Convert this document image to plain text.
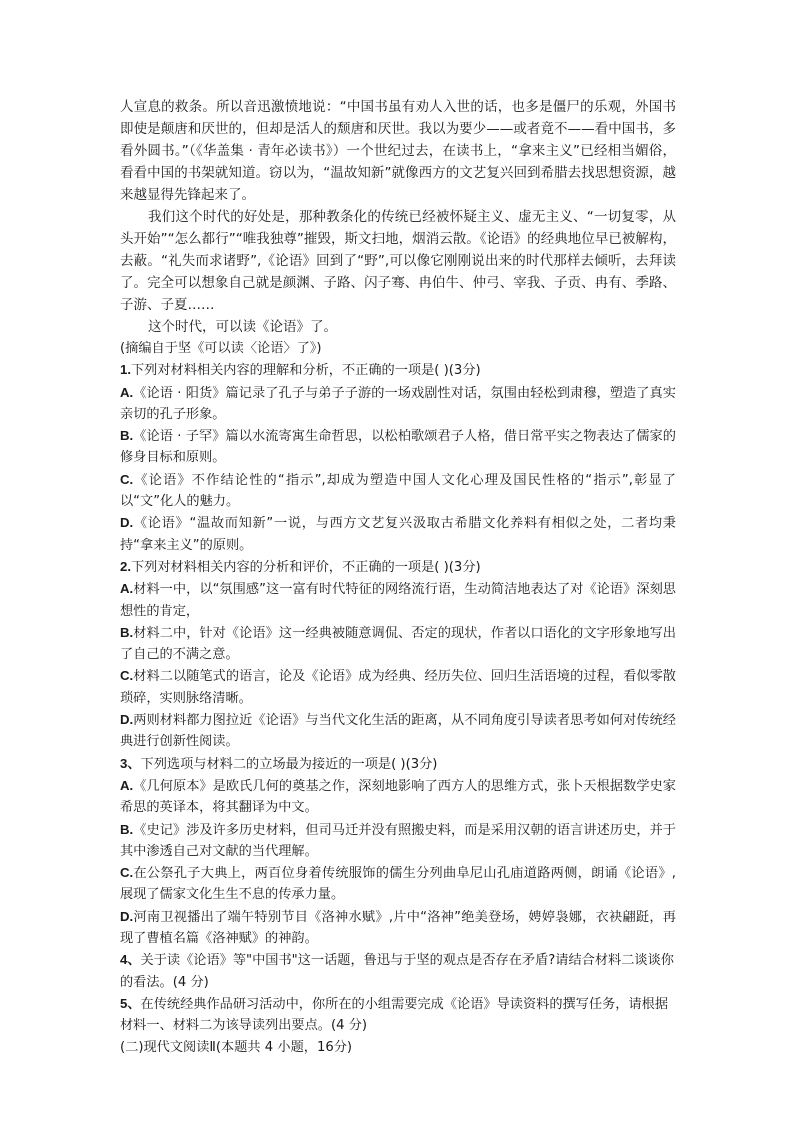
人宣息的救条。所以音迅激愤地说：“中国书虽有劝人入世的话，也多是僵尸的乐观，外国书即使是颠唐和厌世的，但却是活人的颓唐和厌世。我以为要少——或者竟不——看中国书，多看外圆书。”（《华盖集 · 青年必读书》）一个世纪过去，在读书上，“拿来主义”已经相当媚俗，看看中国的书架就知道。窃以为，“温故知新”就像西方的文艺复兴回到希腊去找思想资源，越来越显得先锋起来了。

我们这个时代的好处是，那种教条化的传统已经被怀疑主义、虚无主义、“一切复零，从头开始”“怎么都行”“唯我独尊”摧毁，斯文扫地，烟消云散。《论语》的经典地位早已被解构，去蔽。“礼失而求诸野”,《论语》回到了“野”,可以像它刚刚说出来的时代那样去倾听，去拜读了。完全可以想象自己就是颜渊、子路、闪子骞、冉伯牛、仲弓、宰我、子贡、冉有、季路、子游、子夏……

这个时代，可以读《论语》了。

(摘编自于坚《可以读〈论语〉了》)

1.下列对材料相关内容的理解和分析，不正确的一项是( )(3分)

A.《论语 · 阳货》篇记录了孔子与弟子子游的一场戏剧性对话，氛围由轻松到肃穆，塑造了真实亲切的孔子形象。

B.《论语 · 子罕》篇以水流寄寓生命哲思，以松柏歌颂君子人格，借日常平实之物表达了儒家的修身目标和原则。

C.《论语》不作结论性的“指示”,却成为塑造中国人文化心理及国民性格的“指示”,彰显了以“文”化人的魅力。

D.《论语》“温故而知新”一说，与西方文艺复兴汲取古希腊文化养料有相似之处，二者均秉持“拿来主义”的原则。

2.下列对材料相关内容的分析和评价，不正确的一项是( )(3分)

A.材料一中，以“氛围感”这一富有时代特征的网络流行语，生动简洁地表达了对《论语》深刻思想性的肯定，

B.材料二中，针对《论语》这一经典被随意调侃、否定的现状，作者以口语化的文字形象地写出了自己的不满之意。

C.材料二以随笔式的语言，论及《论语》成为经典、经历失位、回归生活语境的过程，看似零散琐碎，实则脉络清晰。

D.两则材料都力图拉近《论语》与当代文化生活的距离，从不同角度引导读者思考如何对传统经典进行创新性阅读。

3、下列选项与材料二的立场最为接近的一项是( )(3分)

A.《几何原本》是欧氏几何的奠基之作，深刻地影响了西方人的思维方式，张卜天根据数学史家希思的英译本，将其翻译为中文。

B.《史记》涉及许多历史材料，但司马迁并没有照搬史料，而是采用汉朝的语言讲述历史，并于其中渗透自己对文献的当代理解。

C.在公祭孔子大典上，两百位身着传统服饰的儒生分列曲阜尼山孔庙道路两侧，朗诵《论语》,展现了儒家文化生生不息的传承力量。

D.河南卫视播出了端午特别节目《洛神水赋》,片中“洛神”绝美登场，娉婷袅娜，衣袂翩跹，再现了曹植名篇《洛神赋》的神韵。

4、关于读《论语》等"中国书"这一话题，鲁迅与于坚的观点是否存在矛盾?请结合材料二谈谈你的看法。(4 分)

5、在传统经典作品研习活动中，你所在的小组需要完成《论语》导读资料的撰写任务，请根据材料一、材料二为该导读列出要点。(4 分)

(二)现代文阅读Ⅱ(本题共 4 小题，16分)
